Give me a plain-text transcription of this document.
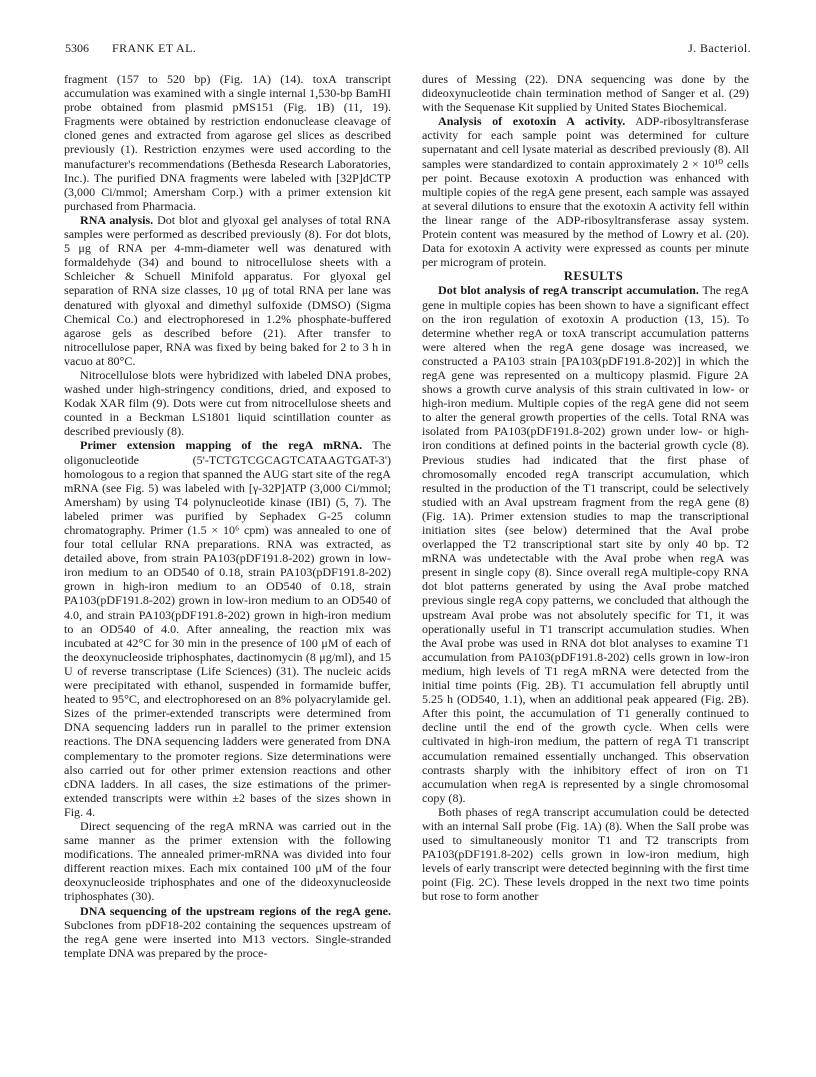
5306 FRANK ET AL.	J. Bacteriol.

fragment (157 to 520 bp) (Fig. 1A) (14). toxA transcript accumulation was examined with a single internal 1,530-bp BamHI probe obtained from plasmid pMS151 (Fig. 1B) (11, 19). Fragments were obtained by restriction endonuclease cleavage of cloned genes and extracted from agarose gel slices as described previously (1). Restriction enzymes were used according to the manufacturer's recommendations (Bethesda Research Laboratories, Inc.). The purified DNA fragments were labeled with [32P]dCTP (3,000 Ci/mmol; Amersham Corp.) with a primer extension kit purchased from Pharmacia.

RNA analysis. Dot blot and glyoxal gel analyses of total RNA samples were performed as described previously (8). For dot blots, 5 μg of RNA per 4-mm-diameter well was denatured with formaldehyde (34) and bound to nitrocellulose sheets with a Schleicher & Schuell Minifold apparatus. For glyoxal gel separation of RNA size classes, 10 μg of total RNA per lane was denatured with glyoxal and dimethyl sulfoxide (DMSO) (Sigma Chemical Co.) and electrophoresed in 1.2% phosphate-buffered agarose gels as described before (21). After transfer to nitrocellulose paper, RNA was fixed by being baked for 2 to 3 h in vacuo at 80°C.

Nitrocellulose blots were hybridized with labeled DNA probes, washed under high-stringency conditions, dried, and exposed to Kodak XAR film (9). Dots were cut from nitrocellulose sheets and counted in a Beckman LS1801 liquid scintillation counter as described previously (8).

Primer extension mapping of the regA mRNA. The oligonucleotide (5'-TCTGTCGCAGTCATAAGTGAT-3') homologous to a region that spanned the AUG start site of the regA mRNA (see Fig. 5) was labeled with [γ-32P]ATP (3,000 Ci/mmol; Amersham) by using T4 polynucleotide kinase (IBI) (5, 7). The labeled primer was purified by Sephadex G-25 column chromatography. Primer (1.5 × 10⁶ cpm) was annealed to one of four total cellular RNA preparations. RNA was extracted, as detailed above, from strain PA103(pDF191.8-202) grown in low-iron medium to an OD540 of 0.18, strain PA103(pDF191.8-202) grown in high-iron medium to an OD540 of 0.18, strain PA103(pDF191.8-202) grown in low-iron medium to an OD540 of 4.0, and strain PA103(pDF191.8-202) grown in high-iron medium to an OD540 of 4.0. After annealing, the reaction mix was incubated at 42°C for 30 min in the presence of 100 μM of each of the deoxynucleoside triphosphates, dactinomycin (8 μg/ml), and 15 U of reverse transcriptase (Life Sciences) (31). The nucleic acids were precipitated with ethanol, suspended in formamide buffer, heated to 95°C, and electrophoresed on an 8% polyacrylamide gel. Sizes of the primer-extended transcripts were determined from DNA sequencing ladders run in parallel to the primer extension reactions. The DNA sequencing ladders were generated from DNA complementary to the promoter regions. Size determinations were also carried out for other primer extension reactions and other cDNA ladders. In all cases, the size estimations of the primer-extended transcripts were within ±2 bases of the sizes shown in Fig. 4.

Direct sequencing of the regA mRNA was carried out in the same manner as the primer extension with the following modifications. The annealed primer-mRNA was divided into four different reaction mixes. Each mix contained 100 μM of the four deoxynucleoside triphosphates and one of the dideoxynucleoside triphosphates (30).

DNA sequencing of the upstream regions of the regA gene. Subclones from pDF18-202 containing the sequences upstream of the regA gene were inserted into M13 vectors. Single-stranded template DNA was prepared by the proce-

dures of Messing (22). DNA sequencing was done by the dideoxynucleotide chain termination method of Sanger et al. (29) with the Sequenase Kit supplied by United States Biochemical.

Analysis of exotoxin A activity. ADP-ribosyltransferase activity for each sample point was determined for culture supernatant and cell lysate material as described previously (8). All samples were standardized to contain approximately 2 × 10¹⁰ cells per point. Because exotoxin A production was enhanced with multiple copies of the regA gene present, each sample was assayed at several dilutions to ensure that the exotoxin A activity fell within the linear range of the ADP-ribosyltransferase assay system. Protein content was measured by the method of Lowry et al. (20). Data for exotoxin A activity were expressed as counts per minute per microgram of protein.

RESULTS

Dot blot analysis of regA transcript accumulation. The regA gene in multiple copies has been shown to have a significant effect on the iron regulation of exotoxin A production (13, 15). To determine whether regA or toxA transcript accumulation patterns were altered when the regA gene dosage was increased, we constructed a PA103 strain [PA103(pDF191.8-202)] in which the regA gene was represented on a multicopy plasmid. Figure 2A shows a growth curve analysis of this strain cultivated in low- or high-iron medium. Multiple copies of the regA gene did not seem to alter the general growth properties of the cells. Total RNA was isolated from PA103(pDF191.8-202) grown under low- or high-iron conditions at defined points in the bacterial growth cycle (8). Previous studies had indicated that the first phase of chromosomally encoded regA transcript accumulation, which resulted in the production of the T1 transcript, could be selectively studied with an AvaI upstream fragment from the regA gene (8) (Fig. 1A). Primer extension studies to map the transcriptional initiation sites (see below) determined that the AvaI probe overlapped the T2 transcriptional start site by only 40 bp. T2 mRNA was undetectable with the AvaI probe when regA was present in single copy (8). Since overall regA multiple-copy RNA dot blot patterns generated by using the AvaI probe matched previous single regA copy patterns, we concluded that although the upstream AvaI probe was not absolutely specific for T1, it was operationally useful in T1 transcript accumulation studies. When the AvaI probe was used in RNA dot blot analyses to examine T1 accumulation from PA103(pDF191.8-202) cells grown in low-iron medium, high levels of T1 regA mRNA were detected from the initial time points (Fig. 2B). T1 accumulation fell abruptly until 5.25 h (OD540, 1.1), when an additional peak appeared (Fig. 2B). After this point, the accumulation of T1 generally continued to decline until the end of the growth cycle. When cells were cultivated in high-iron medium, the pattern of regA T1 transcript accumulation remained essentially unchanged. This observation contrasts sharply with the inhibitory effect of iron on T1 accumulation when regA is represented by a single chromosomal copy (8).

Both phases of regA transcript accumulation could be detected with an internal SalI probe (Fig. 1A) (8). When the SalI probe was used to simultaneously monitor T1 and T2 transcripts from PA103(pDF191.8-202) cells grown in low-iron medium, high levels of early transcript were detected beginning with the first time point (Fig. 2C). These levels dropped in the next two time points but rose to form another
